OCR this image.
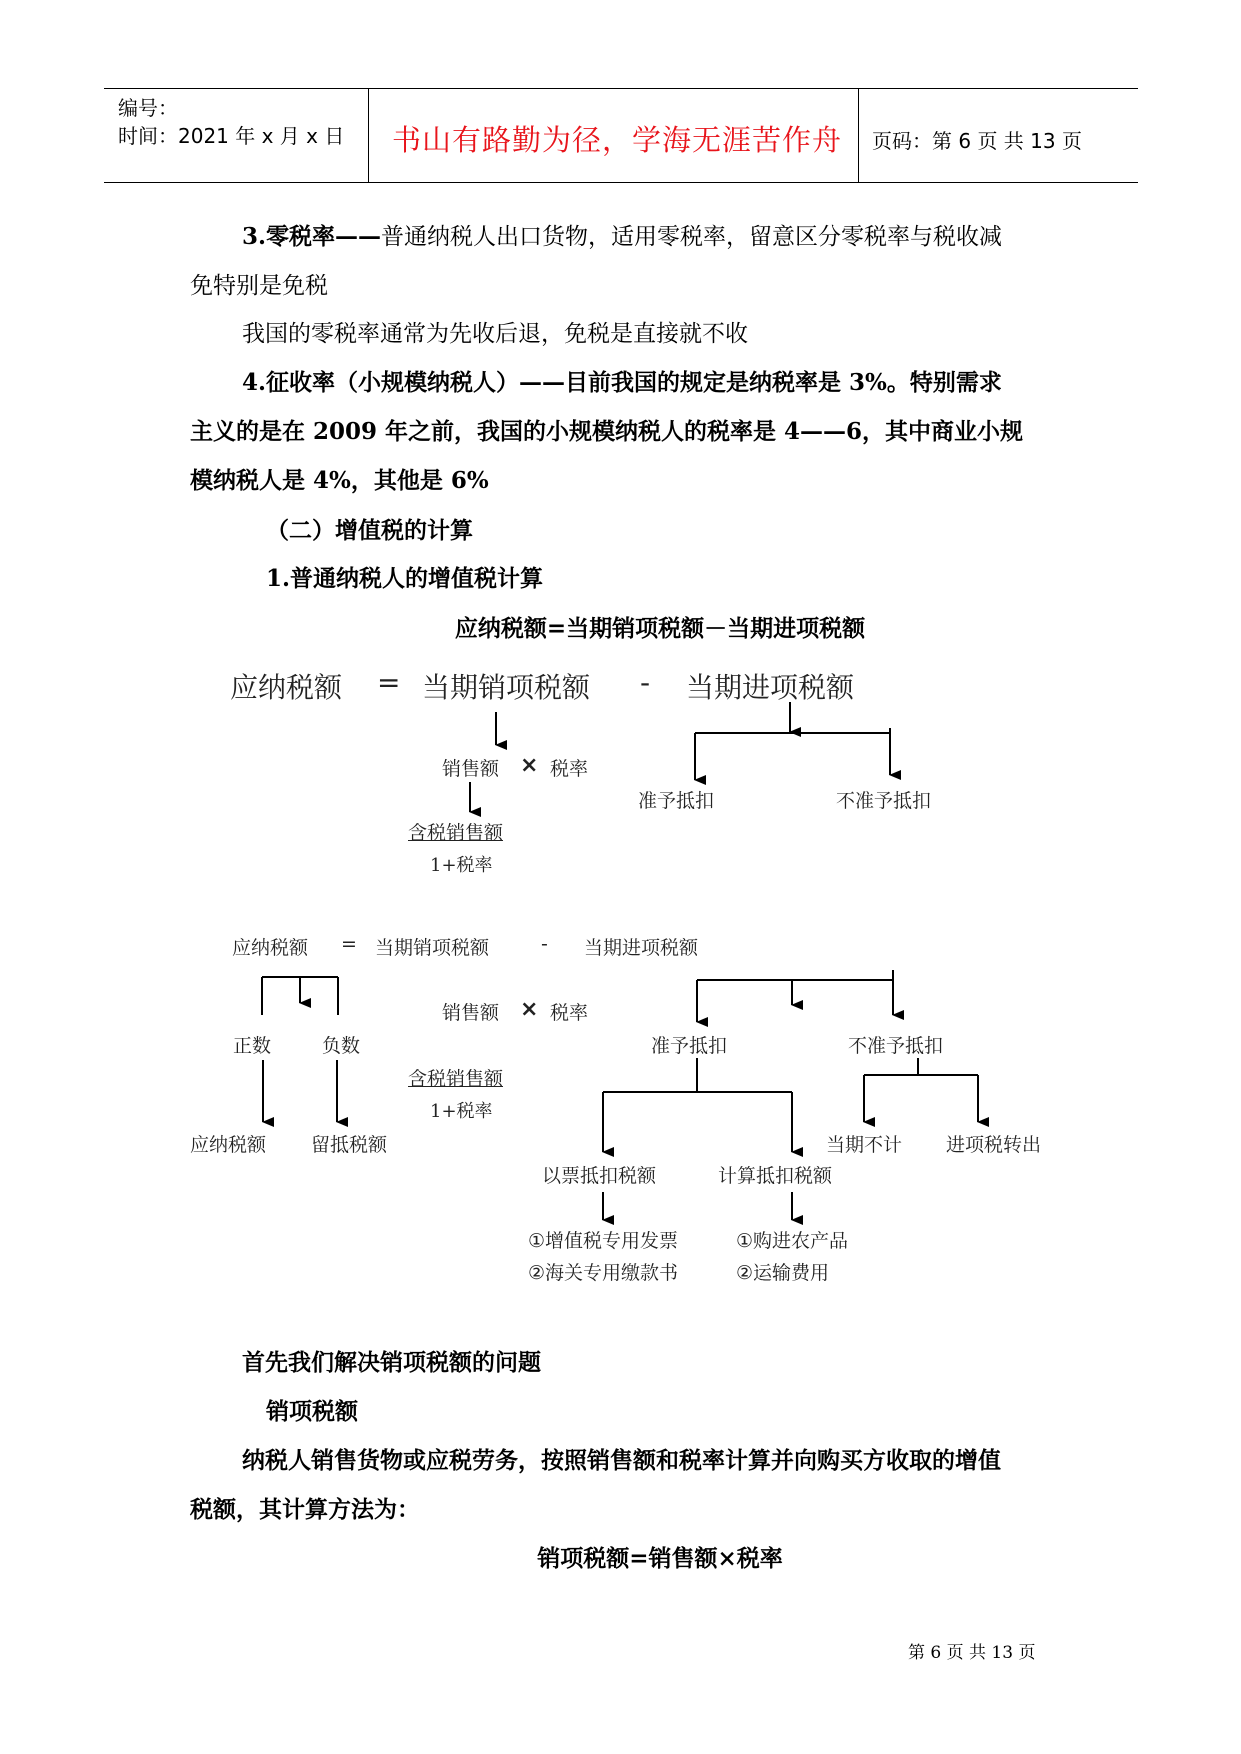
编号：
时间：2021 年 x 月 x 日 书山有路勤为径，学海无涯苦作舟 页码：第 6 页 共 13 页
3.零税率——普通纳税人出口货物，适用零税率，留意区分零税率与税收减
免特别是免税
我国的零税率通常为先收后退，免税是直接就不收
4.征收率（小规模纳税人）——目前我国的规定是纳税率是 3%。特别需求
主义的是在 2009 年之前，我国的小规模纳税人的税率是 4——6，其中商业小规
模纳税人是 4%，其他是 6%
（二）增值税的计算
1.普通纳税人的增值税计算
应纳税额=当期销项税额－当期进项税额
应纳税额 = 当期销项税额 - 当期进项税额
销售额 × 税率
含税销售额
1+税率
准予抵扣	不准予抵扣
应纳税额 = 当期销项税额	- 当期进项税额
正数	负数
应纳税额 留抵税额
销售额 × 税率
含税销售额
1+税率
准予抵扣	不准予抵扣
以票抵扣税额	计算抵扣税额
当期不计 进项税转出
①增值税专用发票
②海关专用缴款书
①购进农产品
②运输费用
首先我们解决销项税额的问题
销项税额
纳税人销售货物或应税劳务，按照销售额和税率计算并向购买方收取的增值
税额，其计算方法为：
销项税额=销售额×税率
第 6 页 共 13 页
